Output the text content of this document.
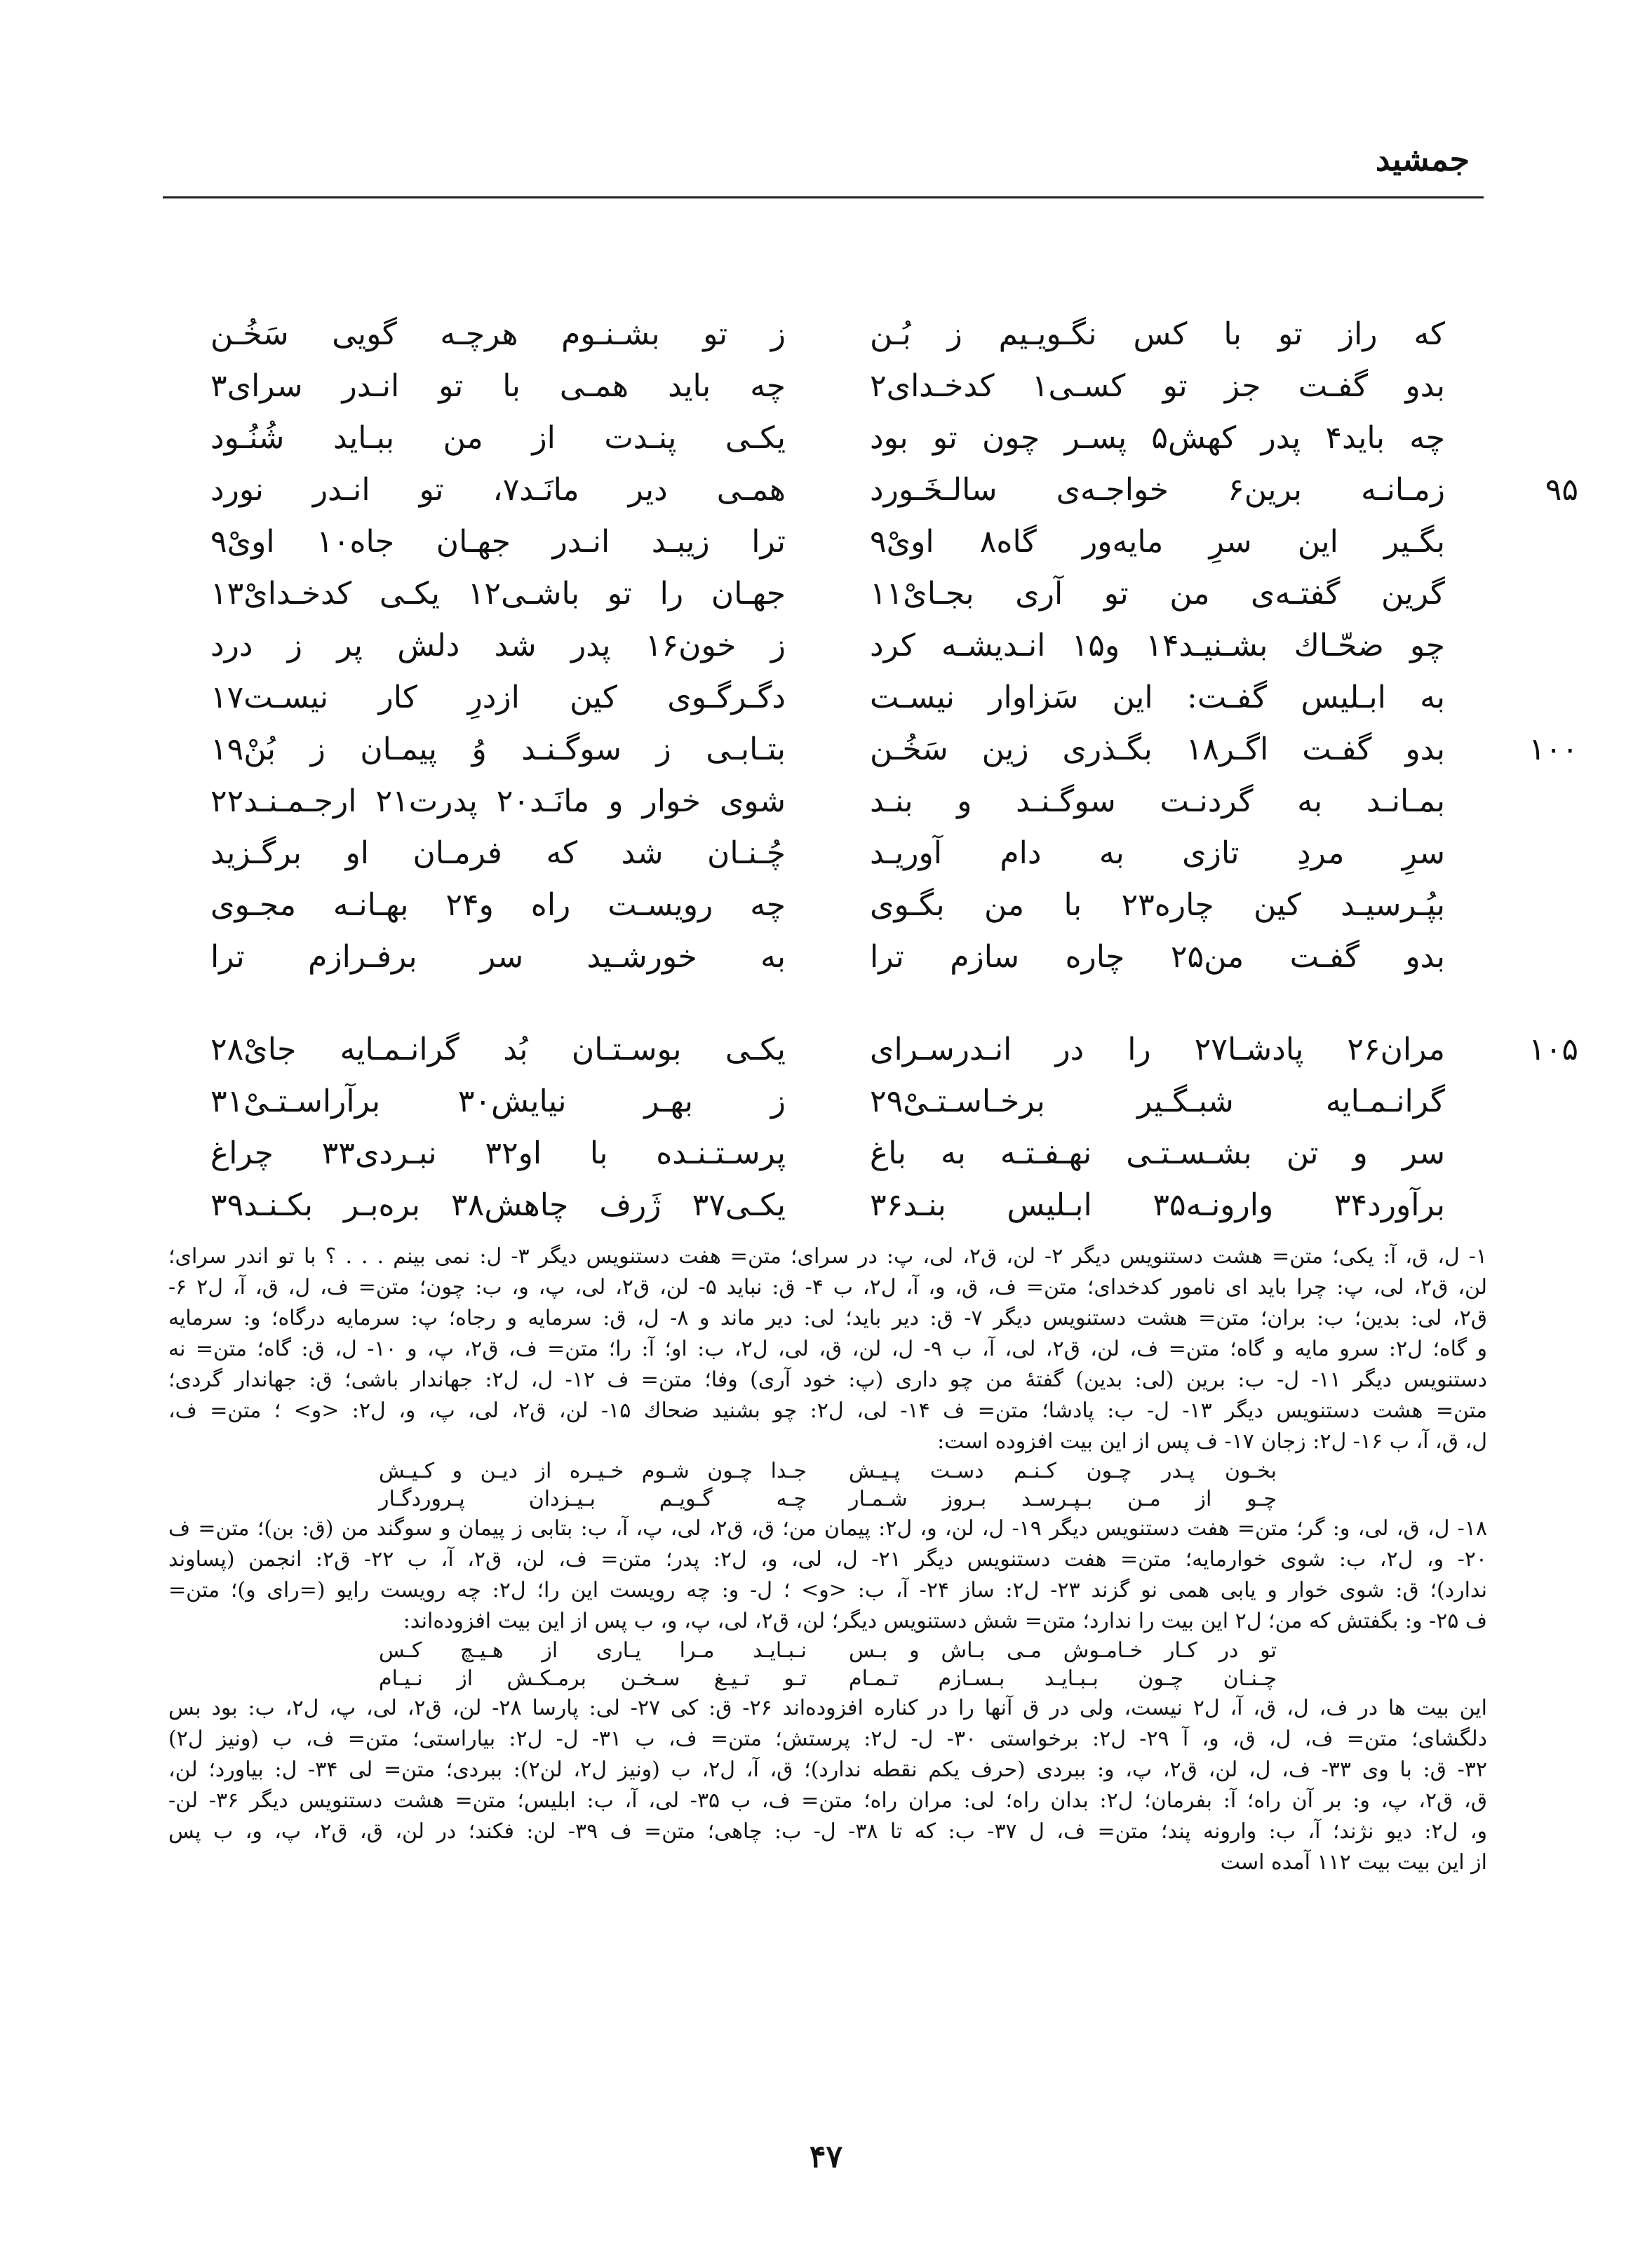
جمشید
که راز تو با کس نگـویـیم ز بُـن
ز تو بشـنـوم هرچـه گویی سَخُـن
بدو گفـت جز تو کسـی۱ کدخـدای۲
چه باید همـی با تو انـدر سرای۳
چه باید۴ پدر کهش۵ پسـر چون تو بود
یکـی پنـدت از من ببـاید شُنُـود
۹۵
زمـانـه برین۶ خواجـه‌ی سالـخَـورد
همـی دیر مانَـد۷، تو انـدر نورد
بگـیر این سرِ مایه‌ور گاه۸ اویْ۹
ترا زیبـد انـدر جهـان جاه۱۰ اویْ۹
گرین گفتـه‌ی من تو آری بجـایْ۱۱
جهـان را تو باشـی۱۲ یکـی کدخـدایْ۱۳
چو ضحّـاك بشـنیـد۱۴ و۱۵ انـدیشـه کرد
ز خون۱۶ پدر شد دلش پر ز درد
به ابـلیس گفـت: این سَزاوار نیسـت
دگـرگـوی کین ازدرِ کار نیسـت۱۷
۱۰۰
بدو گفـت اگـر۱۸ بگـذری زین سَخُـن
بتـابـی ز سوگـنـد وُ پیمـان ز بُنْ۱۹
بمـانـد به گردنـت سوگـنـد و بنـد
شوی خوار و مانَـد۲۰ پدرت۲۱ ارجـمـنـد۲۲
سرِ مردِ تازی به دام آوریـد
چُـنـان شد که فرمـان او برگـزید
بپُـرسیـد کین چاره۲۳ با من بگـوی
چه رویسـت راه و۲۴ بهـانـه مجـوی
بدو گفـت من۲۵ چاره سازم ترا
به خورشـید سر برفـرازم ترا
۱۰۵
مران۲۶ پادشـا۲۷ را در انـدرسـرای
یکـی بوسـتـان بُد گرانـمـایه جایْ۲۸
گرانـمـایه شبـگـیر برخـاسـتـیْ۲۹
ز بهـر نیایش۳۰ برآراسـتـیْ۳۱
سر و تن بشـسـتـی نهـفـتـه به باغ
پرسـتـنـده با او۳۲ نبـردی۳۳ چراغ
برآورد۳۴ وارونـه۳۵ ابـلیس بنـد۳۶
یکـی۳۷ ژَرف چاهش۳۸ بره‌بـر بکـنـد۳۹
۱- ل، ق، آ: یکی؛ متن= هشت دستنویس دیگر ۲- لن، ق۲، لی، پ: در سرای؛ متن= هفت دستنویس دیگر ۳- ل: نمی بینم . . . ؟ با تو اندر سرای؛
لن، ق۲، لی، پ: چرا باید ای نامور کدخدای؛ متن= ف، ق، و، آ، ل۲، ب ۴- ق: نباید ۵- لن، ق۲، لی، پ، و، ب: چون؛ متن= ف، ل، ق، آ، ل۲ ۶-
ق۲، لی: بدین؛ ب: بران؛ متن= هشت دستنویس دیگر ۷- ق: دیر باید؛ لی: دیر ماند و ۸- ل، ق: سرمایه و رجاه؛ پ: سرمایه درگاه؛ و: سرمایه
و گاه؛ ل۲: سرو مایه و گاه؛ متن= ف، لن، ق۲، لی، آ، ب ۹- ل، لن، ق، لی، ل۲، ب: او؛ آ: را؛ متن= ف، ق۲، پ، و ۱۰- ل، ق: گاه؛ متن= نه
دستنویس دیگر ۱۱- ل- ب: برین (لی: بدین) گفتهٔ من چو داری (پ: خود آری) وفا؛ متن= ف ۱۲- ل، ل۲: جهاندار باشی؛ ق: جهاندار گردی؛
متن= هشت دستنویس دیگر ۱۳- ل- ب: پادشا؛ متن= ف ۱۴- لی، ل۲: چو بشنید ضحاك ۱۵- لن، ق۲، لی، پ، و، ل۲: <و> ؛ متن= ف،
ل، ق، آ، ب ۱۶- ل۲: زجان ۱۷- ف پس از این بیت افزوده است:
بخـون پـدر چـون کـنـم دسـت پـیـش
جـدا چـون شـوم خـیـره از دیـن و کـیـش
چـو از مـن بـپـرسـد بـروز شـمـار
چـه گـویـم بـیـزدان پـروردگـار
۱۸- ل، ق، لی، و: گر؛ متن= هفت دستنویس دیگر ۱۹- ل، لن، و، ل۲: پیمان من؛ ق، ق۲، لی، پ، آ، ب: بتابی ز پیمان و سوگند من (ق: بن)؛ متن= ف
۲۰- و، ل۲، ب: شوی خوارمایه؛ متن= هفت دستنویس دیگر ۲۱- ل، لی، و، ل۲: پدر؛ متن= ف، لن، ق۲، آ، ب ۲۲- ق۲: انجمن (پساوند
ندارد)؛ ق: شوی خوار و یابی همی نو گزند ۲۳- ل۲: ساز ۲۴- آ، ب: <و> ؛ ل- و: چه رویست این را؛ ل۲: چه رویست رایو (=رای و)؛ متن=
ف ۲۵- و: بگفتش که من؛ ل۲ این بیت را ندارد؛ متن= شش دستنویس دیگر؛ لن، ق۲، لی، پ، و، ب پس از این بیت افزوده‌اند:
تو در کـار خـامـوش مـی بـاش و بـس
نـبـایـد مـرا یـاری از هـیـچ کـس
چـنـان چـون بـبـایـد بـسـازم تـمـام
تـو تـیـغ سـخـن برمـکـش از نـیـام
این بیت ها در ف، ل، ق، آ، ل۲ نیست، ولی در ق آنها را در کناره افزوده‌اند ۲۶- ق: کی ۲۷- لی: پارسا ۲۸- لن، ق۲، لی، پ، ل۲، ب: بود بس
دلگشای؛ متن= ف، ل، ق، و، آ ۲۹- ل۲: برخواستی ۳۰- ل- ل۲: پرستش؛ متن= ف، ب ۳۱- ل- ل۲: بیاراستی؛ متن= ف، ب (ونیز ل۲)
۳۲- ق: با وی ۳۳- ف، ل، لن، ق۲، پ، و: ببردی (حرف یکم نقطه ندارد)؛ ق، آ، ل۲، ب (ونیز ل۲، لن۲): ببردی؛ متن= لی ۳۴- ل: بیاورد؛ لن،
ق، ق۲، پ، و: بر آن راه؛ آ: بفرمان؛ ل۲: بدان راه؛ لی: مران راه؛ متن= ف، ب ۳۵- لی، آ، ب: ابلیس؛ متن= هشت دستنویس دیگر ۳۶- لن-
و، ل۲: دیو نژند؛ آ، ب: وارونه پند؛ متن= ف، ل ۳۷- ب: که تا ۳۸- ل- ب: چاهی؛ متن= ف ۳۹- لن: فکند؛ در لن، ق، ق۲، پ، و، ب پس
از این بیت بیت ۱۱۲ آمده است
۴۷
